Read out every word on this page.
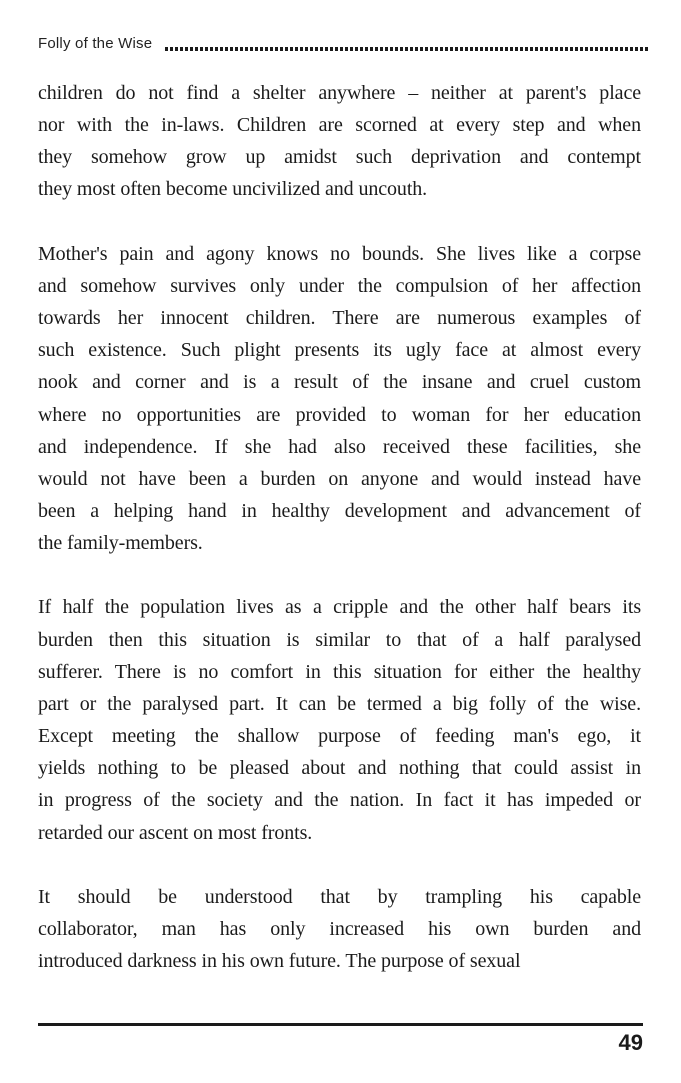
Folly of the Wise
children do not find a shelter anywhere – neither at parent's place
nor with the in-laws. Children are scorned at every step and when
they somehow grow up amidst such deprivation and contempt
they most often become uncivilized and uncouth.
Mother's pain and agony knows no bounds. She lives like a corpse
and somehow survives only under the compulsion of her affection
towards her innocent children. There are numerous examples of
such existence. Such plight presents its ugly face at almost every
nook and corner and is a result of the insane and cruel custom
where no opportunities are provided to woman for her education
and independence. If she had also received these facilities, she
would not have been a burden on anyone and would instead have
been a helping hand in healthy development and advancement of
the family-members.
If half the population lives as a cripple and the other half bears its
burden then this situation is similar to that of a half paralysed
sufferer. There is no comfort in this situation for either the healthy
part or the paralysed part. It can be termed a big folly of the wise.
Except meeting the shallow purpose of feeding man's ego, it
yields nothing to be pleased about and nothing that could assist in
in progress of the society and the nation. In fact it has impeded or
retarded our ascent on most fronts.
It should be understood that by trampling his capable
collaborator, man has only increased his own burden and
introduced darkness in his own future. The purpose of sexual
49
